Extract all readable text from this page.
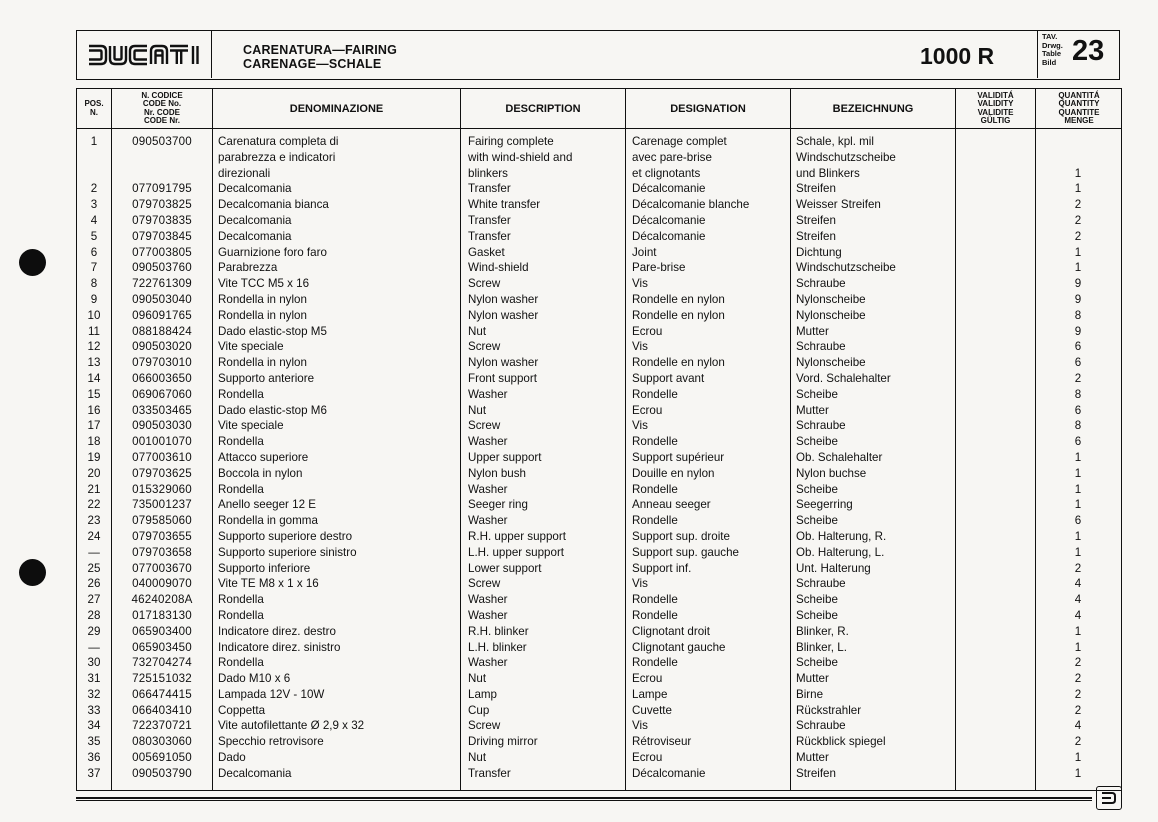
CARENATURA—FAIRING
CARENAGE—SCHALE	1000 R
TAV.
Drwg.
Table
Bild 23
POS.
N.
N. CODICE
CODE No.
Nr. CODE
CODE Nr.
DENOMINAZIONE	DESCRIPTION	DESIGNATION	BEZEICHNUNG
VALIDITÁ
VALIDITY
VALIDITE
GÜLTIG
QUANTITÁ
QUANTITY
QUANTITE
MENGE
1	090503700	Carenatura completa di	Fairing complete	Carenage complet	Schale, kpl. mil
parabrezza e indicatori	with wind-shield and	avec pare-brise	Windschutzscheibe
direzionali	blinkers	et clignotants	und Blinkers	1
2	077091795	Decalcomania	Transfer	Décalcomanie	Streifen	1
3	079703825	Decalcomania bianca	White transfer	Décalcomanie blanche	Weisser Streifen	2
4	079703835	Decalcomania	Transfer	Décalcomanie	Streifen	2
5	079703845	Decalcomania	Transfer	Décalcomanie	Streifen	2
6	077003805	Guarnizione foro faro	Gasket	Joint	Dichtung	1
7	090503760	Parabrezza	Wind-shield	Pare-brise	Windschutzscheibe	1
8	722761309	Vite TCC M5 x 16	Screw	Vis	Schraube	9
9	090503040	Rondella in nylon	Nylon washer	Rondelle en nylon	Nylonscheibe	9
10	096091765	Rondella in nylon	Nylon washer	Rondelle en nylon	Nylonscheibe	8
11	088188424	Dado elastic-stop M5	Nut	Ecrou	Mutter	9
12	090503020	Vite speciale	Screw	Vis	Schraube	6
13	079703010	Rondella in nylon	Nylon washer	Rondelle en nylon	Nylonscheibe	6
14	066003650	Supporto anteriore	Front support	Support avant	Vord. Schalehalter	2
15	069067060	Rondella	Washer	Rondelle	Scheibe	8
16	033503465	Dado elastic-stop M6	Nut	Ecrou	Mutter	6
17	090503030	Vite speciale	Screw	Vis	Schraube	8
18	001001070	Rondella	Washer	Rondelle	Scheibe	6
19	077003610	Attacco superiore	Upper support	Support supérieur	Ob. Schalehalter	1
20	079703625	Boccola in nylon	Nylon bush	Douille en nylon	Nylon buchse	1
21	015329060	Rondella	Washer	Rondelle	Scheibe	1
22	735001237	Anello seeger 12 E	Seeger ring	Anneau seeger	Seegerring	1
23	079585060	Rondella in gomma	Washer	Rondelle	Scheibe	6
24	079703655	Supporto superiore destro	R.H. upper support	Support sup. droite	Ob. Halterung, R.	1
—	079703658	Supporto superiore sinistro	L.H. upper support	Support sup. gauche	Ob. Halterung, L.	1
25	077003670	Supporto inferiore	Lower support	Support inf.	Unt. Halterung	2
26	040009070	Vite TE M8 x 1 x 16	Screw	Vis	Schraube	4
27	46240208A	Rondella	Washer	Rondelle	Scheibe	4
28	017183130	Rondella	Washer	Rondelle	Scheibe	4
29	065903400	Indicatore direz. destro	R.H. blinker	Clignotant droit	Blinker, R.	1
—	065903450	Indicatore direz. sinistro	L.H. blinker	Clignotant gauche	Blinker, L.	1
30	732704274	Rondella	Washer	Rondelle	Scheibe	2
31	725151032	Dado M10 x 6	Nut	Ecrou	Mutter	2
32	066474415	Lampada 12V - 10W	Lamp	Lampe	Birne	2
33	066403410	Coppetta	Cup	Cuvette	Rückstrahler	2
34	722370721	Vite autofilettante Ø 2,9 x 32	Screw	Vis	Schraube	4
35	080303060	Specchio retrovisore	Driving mirror	Rétroviseur	Rückblick spiegel	2
36	005691050	Dado	Nut	Ecrou	Mutter	1
37	090503790	Decalcomania	Transfer	Décalcomanie	Streifen	1
